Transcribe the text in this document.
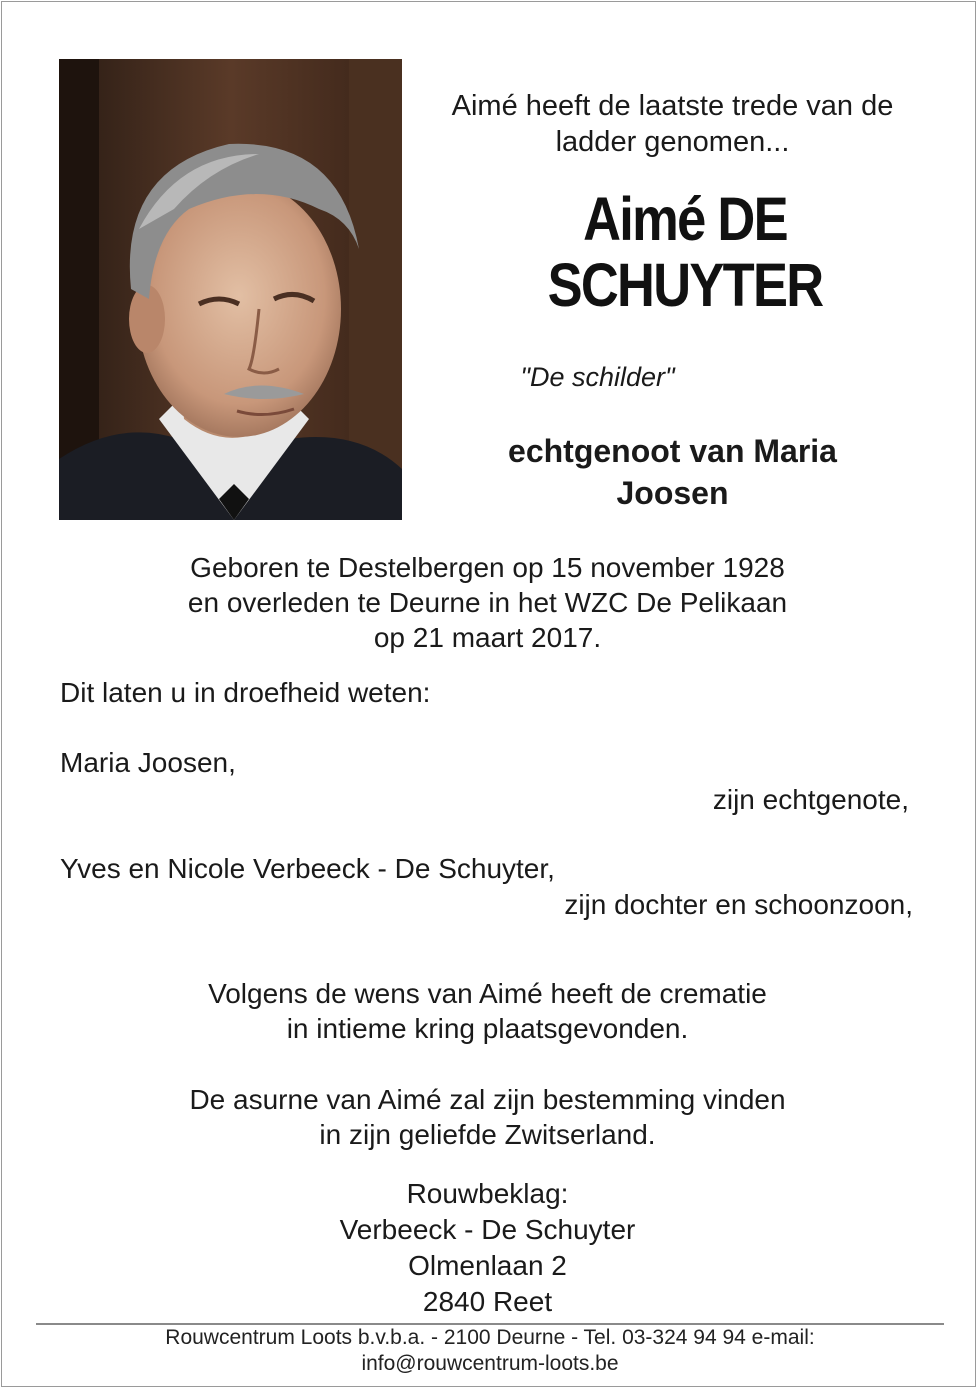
Aimé heeft de laatste trede van de
ladder genomen...
Aimé DE
SCHUYTER
"De schilder"
echtgenoot van Maria
Joosen
Geboren te Destelbergen op 15 november 1928
en overleden te Deurne in het WZC De Pelikaan
op 21 maart 2017.
Dit laten u in droefheid weten:
Maria Joosen,
zijn echtgenote,
Yves en Nicole Verbeeck - De Schuyter,
zijn dochter en schoonzoon,
Volgens de wens van Aimé heeft de crematie
in intieme kring plaatsgevonden.
De asurne van Aimé zal zijn bestemming vinden
in zijn geliefde Zwitserland.
Rouwbeklag:
Verbeeck - De Schuyter
Olmenlaan 2
2840 Reet
Rouwcentrum Loots b.v.b.a. - 2100 Deurne - Tel. 03-324 94 94 e-mail:
info@rouwcentrum-loots.be
